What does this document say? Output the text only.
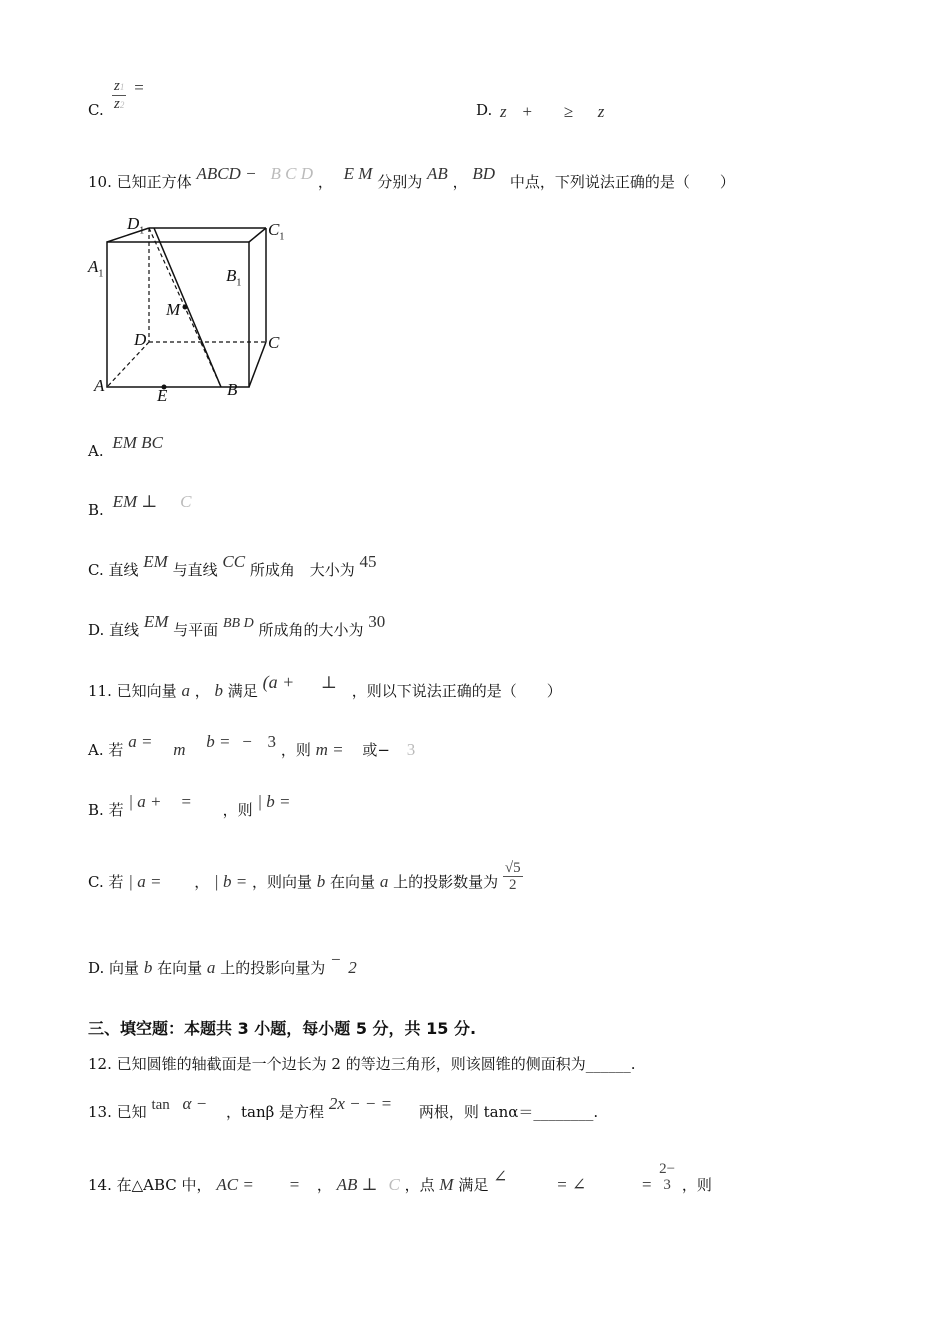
C. $\frac{z1}{z2}$ =
D. z + ≥ z
10. 已知正方体 ABCD − B C D ， E M 分别为 AB ， BD 中点，下列说法正确的是（　　）
$D_1$	$C_1$
$A_1$	$B_1$
M
D	C
A
E	B
A. EM BC
B. EM ⊥ C
C. 直线 EM 与直线 CC 所成角 大小为 45
D. 直线 EM 与平面 BB D 所成角的大小为 30
11. 已知向量 a ， b 满足 (a + ⊥ ，则以下说法正确的是（　　）
A. 若 a = m b = − 3 ，则 m = 或− 3
B. 若 | a + = ，则 | b =
C. 若 | a = ， | b = ，则向量 b 在向量 a 上的投影数量为 $\frac{√5}{2}$
D. 向量 b 在向量 a 上的投影向量为 − 2
三、填空题：本题共 3 小题，每小题 5 分，共 15 分.
12. 已知圆锥的轴截面是一个边长为 2 的等边三角形，则该圆锥的侧面积为______.
13. 已知 tan α − ，tanβ 是方程 2x − − = 两根，则 tanα＝________.
14. 在△ABC 中， AC = = ， AB ⊥ C ，点 M 满足 ∠	= ∠	=
2−
3 ，则
